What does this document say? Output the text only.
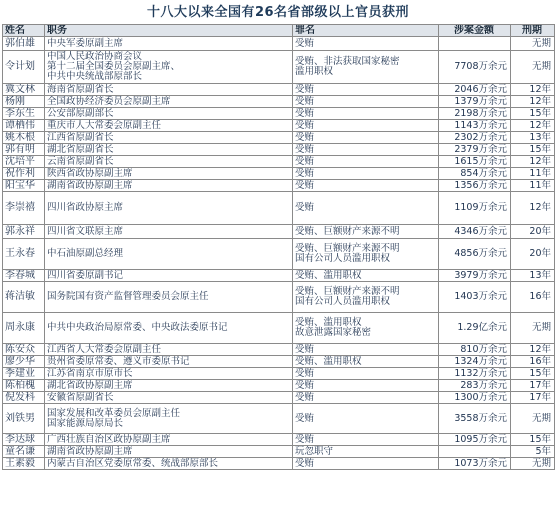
十八大以来全国有26名省部级以上官员获刑
姓名	职务	罪名	涉案金额	刑期
郭伯雄	中央军委原副主席	受贿		无期
令计划	中国人民政治协商会议
第十二届全国委员会原副主席、
中共中央统战部原部长	受贿、非法获取国家秘密
滥用职权	7708万余元	无期
冀文林	海南省原副省长	受贿	2046万余元	12年
杨刚	全国政协经济委员会原副主席	受贿	1379万余元	12年
李东生	公安部原副部长	受贿	2198万余元	15年
谭栖伟	重庆市人大常委会原副主任	受贿	1143万余元	12年
姚木根	江西省原副省长	受贿	2302万余元	13年
郭有明	湖北省原副省长	受贿	2379万余元	15年
沈培平	云南省原副省长	受贿	1615万余元	12年
祝作利	陕西省政协原副主席	受贿	854万余元	11年
阳宝华	湖南省政协原副主席	受贿	1356万余元	11年
李崇禧	四川省政协原主席	受贿	1109万余元	12年
郭永祥	四川省文联原主席	受贿、巨额财产来源不明	4346万余元	20年
王永春	中石油原副总经理	受贿、巨额财产来源不明
国有公司人员滥用职权	4856万余元	20年
李春城	四川省委原副书记	受贿、滥用职权	3979万余元	13年
蒋洁敏	国务院国有资产监督管理委员会原主任	受贿、巨额财产来源不明
国有公司人员滥用职权	1403万余元	16年
周永康	中共中央政治局原常委、中央政法委原书记	受贿、滥用职权
故意泄露国家秘密	1.29亿余元	无期
陈安众	江西省人大常委会原副主任	受贿	810万余元	12年
廖少华	贵州省委原常委、遵义市委原书记	受贿、滥用职权	1324万余元	16年
季建业	江苏省南京市原市长	受贿	1132万余元	15年
陈柏槐	湖北省政协原副主席	受贿	283万余元	17年
倪发科	安徽省原副省长	受贿	1300万余元	17年
刘铁男	国家发展和改革委员会原副主任
国家能源局原局长	受贿	3558万余元	无期
李达球	广西壮族自治区政协原副主席	受贿	1095万余元	15年
童名谦	湖南省政协原副主席	玩忽职守		5年
王素毅	内蒙古自治区党委原常委、统战部原部长	受贿	1073万余元	无期
